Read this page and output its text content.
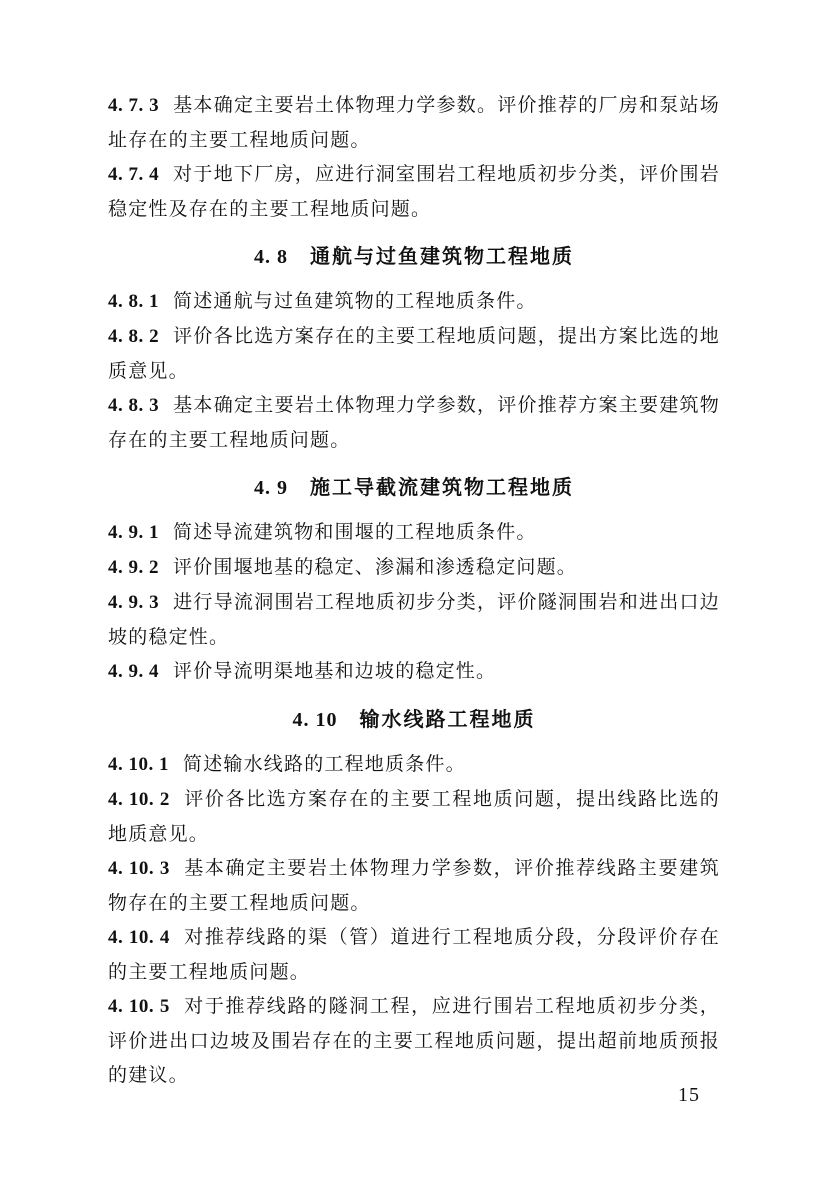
4. 7. 3 基本确定主要岩土体物理力学参数。评价推荐的厂房和泵站场址存在的主要工程地质问题。

4. 7. 4 对于地下厂房，应进行洞室围岩工程地质初步分类，评价围岩稳定性及存在的主要工程地质问题。

4. 8 通航与过鱼建筑物工程地质

4. 8. 1 简述通航与过鱼建筑物的工程地质条件。

4. 8. 2 评价各比选方案存在的主要工程地质问题，提出方案比选的地质意见。

4. 8. 3 基本确定主要岩土体物理力学参数，评价推荐方案主要建筑物存在的主要工程地质问题。

4. 9 施工导截流建筑物工程地质

4. 9. 1 简述导流建筑物和围堰的工程地质条件。

4. 9. 2 评价围堰地基的稳定、渗漏和渗透稳定问题。

4. 9. 3 进行导流洞围岩工程地质初步分类，评价隧洞围岩和进出口边坡的稳定性。

4. 9. 4 评价导流明渠地基和边坡的稳定性。

4. 10 输水线路工程地质

4. 10. 1 简述输水线路的工程地质条件。

4. 10. 2 评价各比选方案存在的主要工程地质问题，提出线路比选的地质意见。

4. 10. 3 基本确定主要岩土体物理力学参数，评价推荐线路主要建筑物存在的主要工程地质问题。

4. 10. 4 对推荐线路的渠（管）道进行工程地质分段，分段评价存在的主要工程地质问题。

4. 10. 5 对于推荐线路的隧洞工程，应进行围岩工程地质初步分类，评价进出口边坡及围岩存在的主要工程地质问题，提出超前地质预报的建议。

15
